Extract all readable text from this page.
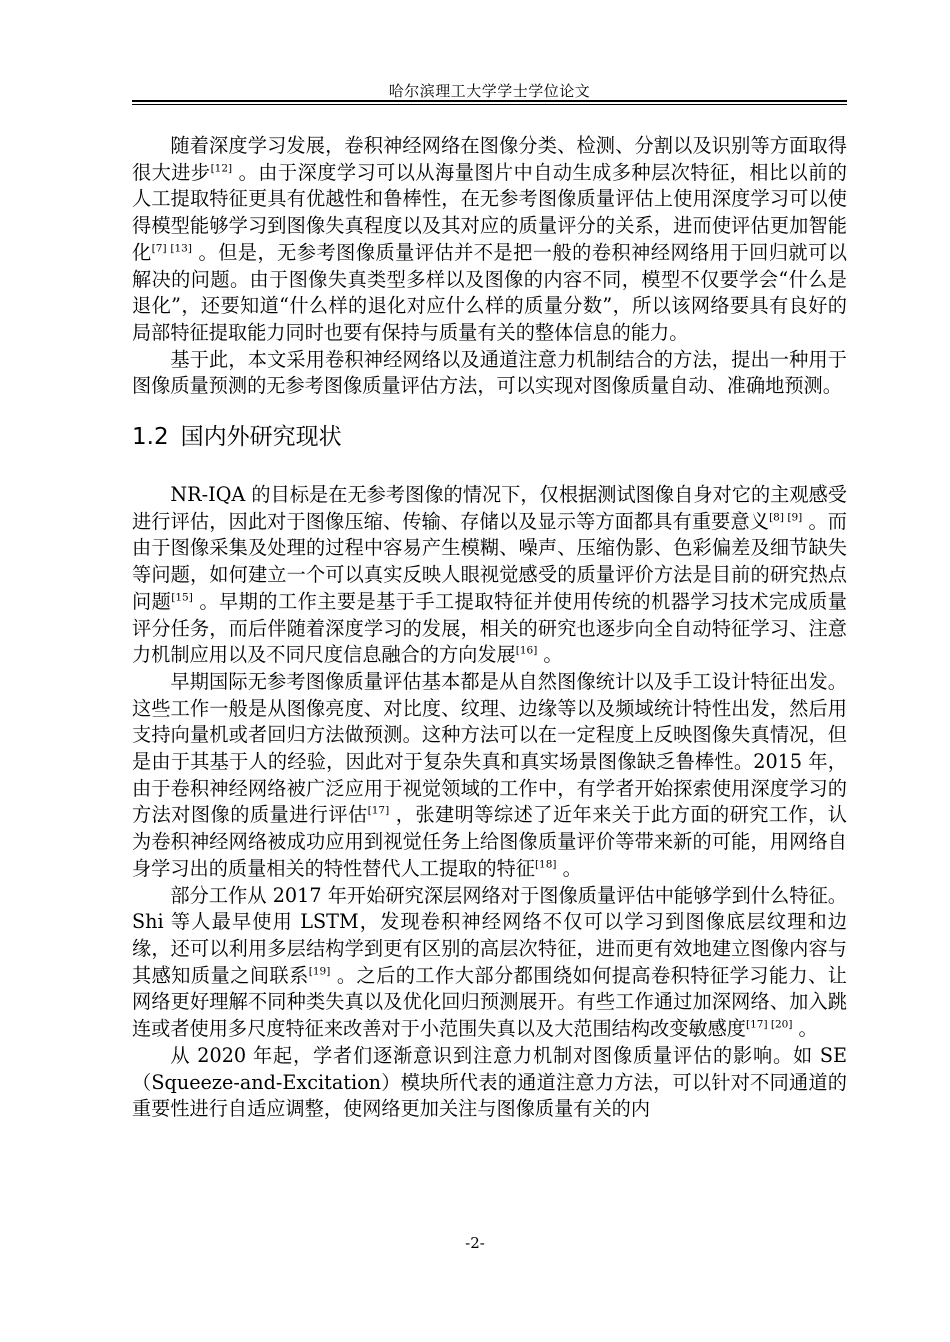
哈尔滨理工大学学士学位论文

随着深度学习发展，卷积神经网络在图像分类、检测、分割以及识别等方面取得很大进步[12] 。由于深度学习可以从海量图片中自动生成多种层次特征，相比以前的人工提取特征更具有优越性和鲁棒性，在无参考图像质量评估上使用深度学习可以使得模型能够学习到图像失真程度以及其对应的质量评分的关系，进而使评估更加智能化[7] [13] 。但是，无参考图像质量评估并不是把一般的卷积神经网络用于回归就可以解决的问题。由于图像失真类型多样以及图像的内容不同，模型不仅要学会“什么是退化”，还要知道“什么样的退化对应什么样的质量分数”，所以该网络要具有良好的局部特征提取能力同时也要有保持与质量有关的整体信息的能力。

基于此，本文采用卷积神经网络以及通道注意力机制结合的方法，提出一种用于图像质量预测的无参考图像质量评估方法，可以实现对图像质量自动、准确地预测。

1.2 国内外研究现状

NR-IQA 的目标是在无参考图像的情况下，仅根据测试图像自身对它的主观感受进行评估，因此对于图像压缩、传输、存储以及显示等方面都具有重要意义[8] [9] 。而由于图像采集及处理的过程中容易产生模糊、噪声、压缩伪影、色彩偏差及细节缺失等问题，如何建立一个可以真实反映人眼视觉感受的质量评价方法是目前的研究热点问题[15] 。早期的工作主要是基于手工提取特征并使用传统的机器学习技术完成质量评分任务，而后伴随着深度学习的发展，相关的研究也逐步向全自动特征学习、注意力机制应用以及不同尺度信息融合的方向发展[16] 。

早期国际无参考图像质量评估基本都是从自然图像统计以及手工设计特征出发。这些工作一般是从图像亮度、对比度、纹理、边缘等以及频域统计特性出发，然后用支持向量机或者回归方法做预测。这种方法可以在一定程度上反映图像失真情况，但是由于其基于人的经验，因此对于复杂失真和真实场景图像缺乏鲁棒性。2015 年，由于卷积神经网络被广泛应用于视觉领域的工作中，有学者开始探索使用深度学习的方法对图像的质量进行评估[17] ，张建明等综述了近年来关于此方面的研究工作，认为卷积神经网络被成功应用到视觉任务上给图像质量评价等带来新的可能，用网络自身学习出的质量相关的特性替代人工提取的特征[18] 。

部分工作从 2017 年开始研究深层网络对于图像质量评估中能够学到什么特征。Shi 等人最早使用 LSTM，发现卷积神经网络不仅可以学习到图像底层纹理和边缘，还可以利用多层结构学到更有区别的高层次特征，进而更有效地建立图像内容与其感知质量之间联系[19] 。之后的工作大部分都围绕如何提高卷积特征学习能力、让网络更好理解不同种类失真以及优化回归预测展开。有些工作通过加深网络、加入跳连或者使用多尺度特征来改善对于小范围失真以及大范围结构改变敏感度[17] [20] 。

从 2020 年起，学者们逐渐意识到注意力机制对图像质量评估的影响。如 SE（Squeeze-and-Excitation）模块所代表的通道注意力方法，可以针对不同通道的重要性进行自适应调整，使网络更加关注与图像质量有关的内

-2-
